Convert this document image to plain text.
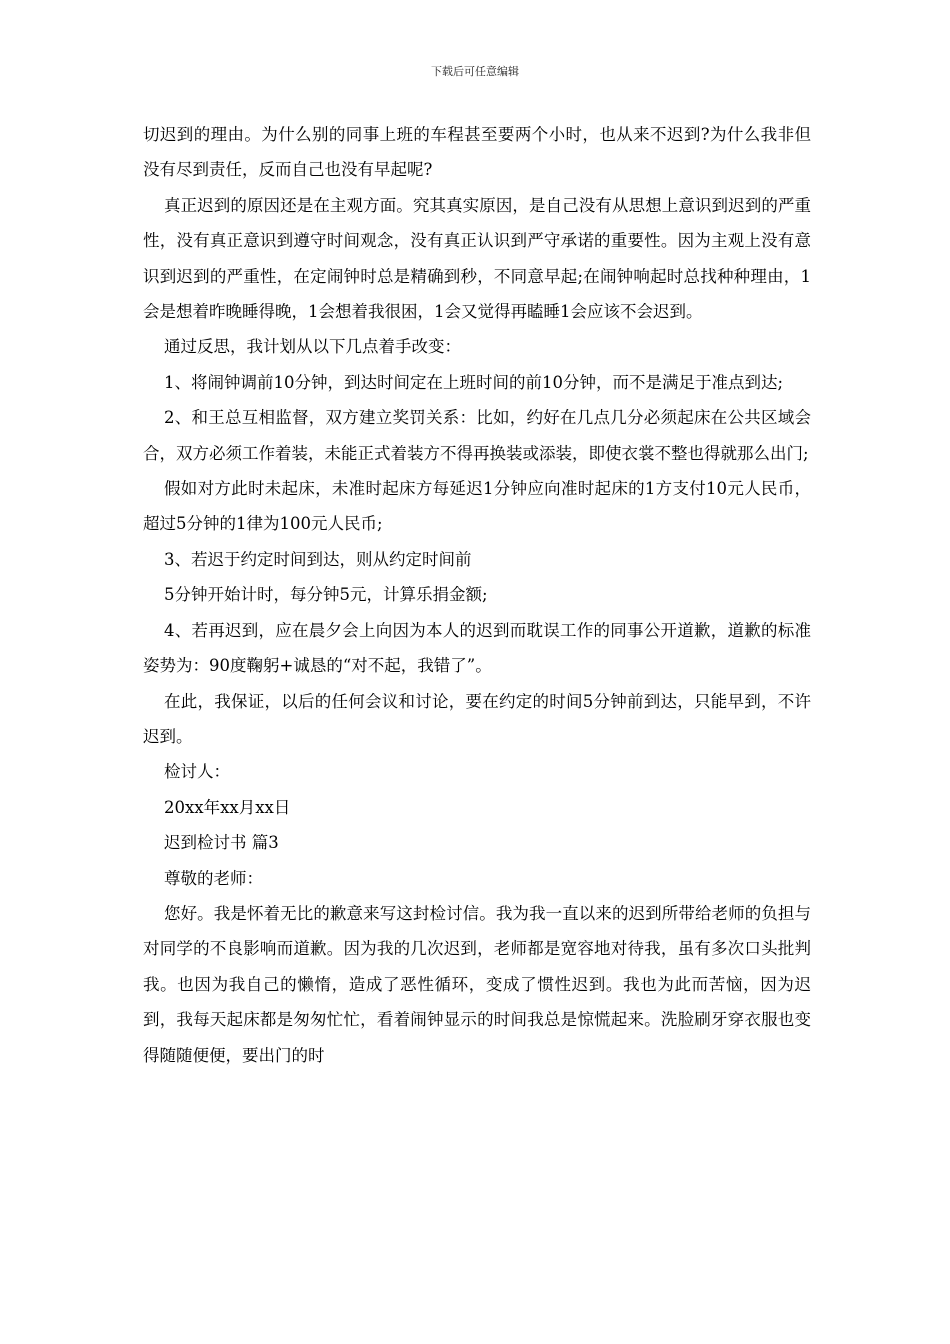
下载后可任意编辑

切迟到的理由。为什么别的同事上班的车程甚至要两个小时，也从来不迟到?为什么我非但没有尽到责任，反而自己也没有早起呢?

真正迟到的原因还是在主观方面。究其真实原因，是自己没有从思想上意识到迟到的严重性，没有真正意识到遵守时间观念，没有真正认识到严守承诺的重要性。因为主观上没有意识到迟到的严重性，在定闹钟时总是精确到秒，不同意早起;在闹钟响起时总找种种理由，1会是想着昨晚睡得晚，1会想着我很困，1会又觉得再瞌睡1会应该不会迟到。

通过反思，我计划从以下几点着手改变：

1、将闹钟调前10分钟，到达时间定在上班时间的前10分钟，而不是满足于准点到达;

2、和王总互相监督，双方建立奖罚关系：比如，约好在几点几分必须起床在公共区域会合，双方必须工作着装，未能正式着装方不得再换装或添装，即使衣裳不整也得就那么出门;

假如对方此时未起床，未准时起床方每延迟1分钟应向准时起床的1方支付10元人民币，超过5分钟的1律为100元人民币;

3、若迟于约定时间到达，则从约定时间前

5分钟开始计时，每分钟5元，计算乐捐金额;

4、若再迟到，应在晨夕会上向因为本人的迟到而耽误工作的同事公开道歉，道歉的标准姿势为：90度鞠躬+诚恳的“对不起，我错了”。

在此，我保证，以后的任何会议和讨论，要在约定的时间5分钟前到达，只能早到，不许迟到。

检讨人：

20xx年xx月xx日

迟到检讨书 篇3

尊敬的老师：

您好。我是怀着无比的歉意来写这封检讨信。我为我一直以来的迟到所带给老师的负担与对同学的不良影响而道歉。因为我的几次迟到，老师都是宽容地对待我，虽有多次口头批判我。也因为我自己的懒惰，造成了恶性循环，变成了惯性迟到。我也为此而苦恼，因为迟到，我每天起床都是匆匆忙忙，看着闹钟显示的时间我总是惊慌起来。洗脸刷牙穿衣服也变得随随便便，要出门的时
